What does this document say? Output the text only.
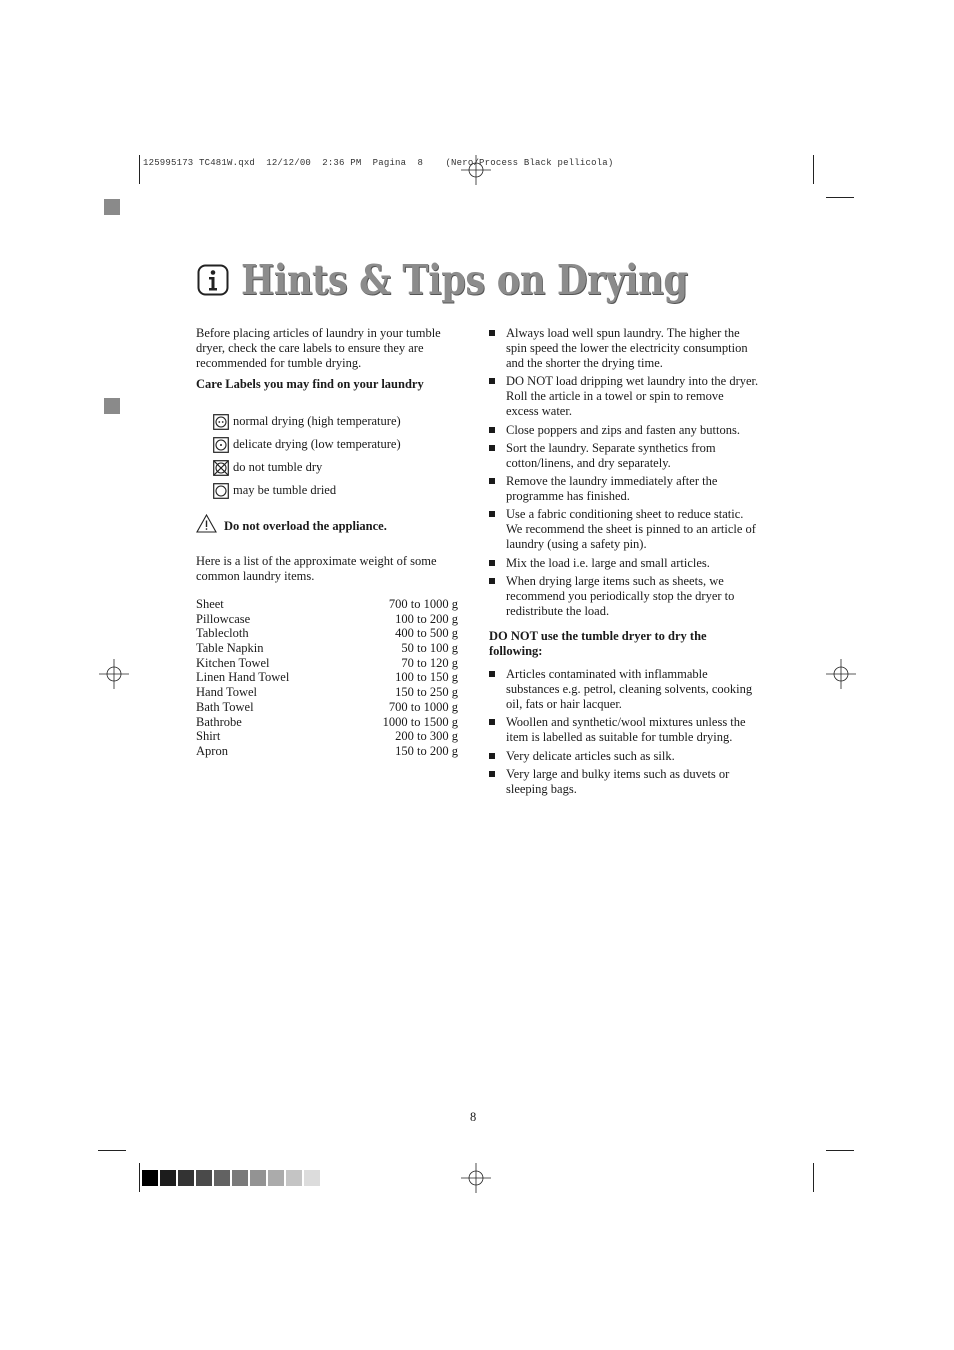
125995173 TC481W.qxd  12/12/00  2:36 PM  Pagina  8    (Nero/Process Black pellicola)
Hints & Tips on Drying

Before placing articles of laundry in your tumble dryer, check the care labels to ensure they are recommended for tumble drying.

Care Labels you may find on your laundry

normal drying (high temperature)
delicate drying (low temperature)
do not tumble dry
may be tumble dried
Do not overload the appliance.

Here is a list of the approximate weight of some common laundry items.

Sheet	700 to 1000 g
Pillowcase	100 to 200 g
Tablecloth	400 to 500 g
Table Napkin	50 to 100 g
Kitchen Towel	70 to 120 g
Linen Hand Towel	100 to 150 g
Hand Towel	150 to 250 g
Bath Towel	700 to 1000 g
Bathrobe	1000 to 1500 g
Shirt	200 to 300 g
Apron	150 to 200 g
Always load well spun laundry. The higher the spin speed the lower the electricity consumption and the shorter the drying time.
DO NOT load dripping wet laundry into the dryer. Roll the article in a towel or spin to remove excess water.
Close poppers and zips and fasten any buttons.
Sort the laundry. Separate synthetics from cotton/linens, and dry separately.
Remove the laundry immediately after the programme has finished.
Use a fabric conditioning sheet to reduce static. We recommend the sheet is pinned to an article of laundry (using a safety pin).
Mix the load i.e. large and small articles.
When drying large items such as sheets, we recommend you periodically stop the dryer to redistribute the load.

DO NOT use the tumble dryer to dry the following:

Articles contaminated with inflammable substances e.g. petrol, cleaning solvents, cooking oil, fats or hair lacquer.
Woollen and synthetic/wool mixtures unless the item is labelled as suitable for tumble drying.
Very delicate articles such as silk.
Very large and bulky items such as duvets or sleeping bags.
8
